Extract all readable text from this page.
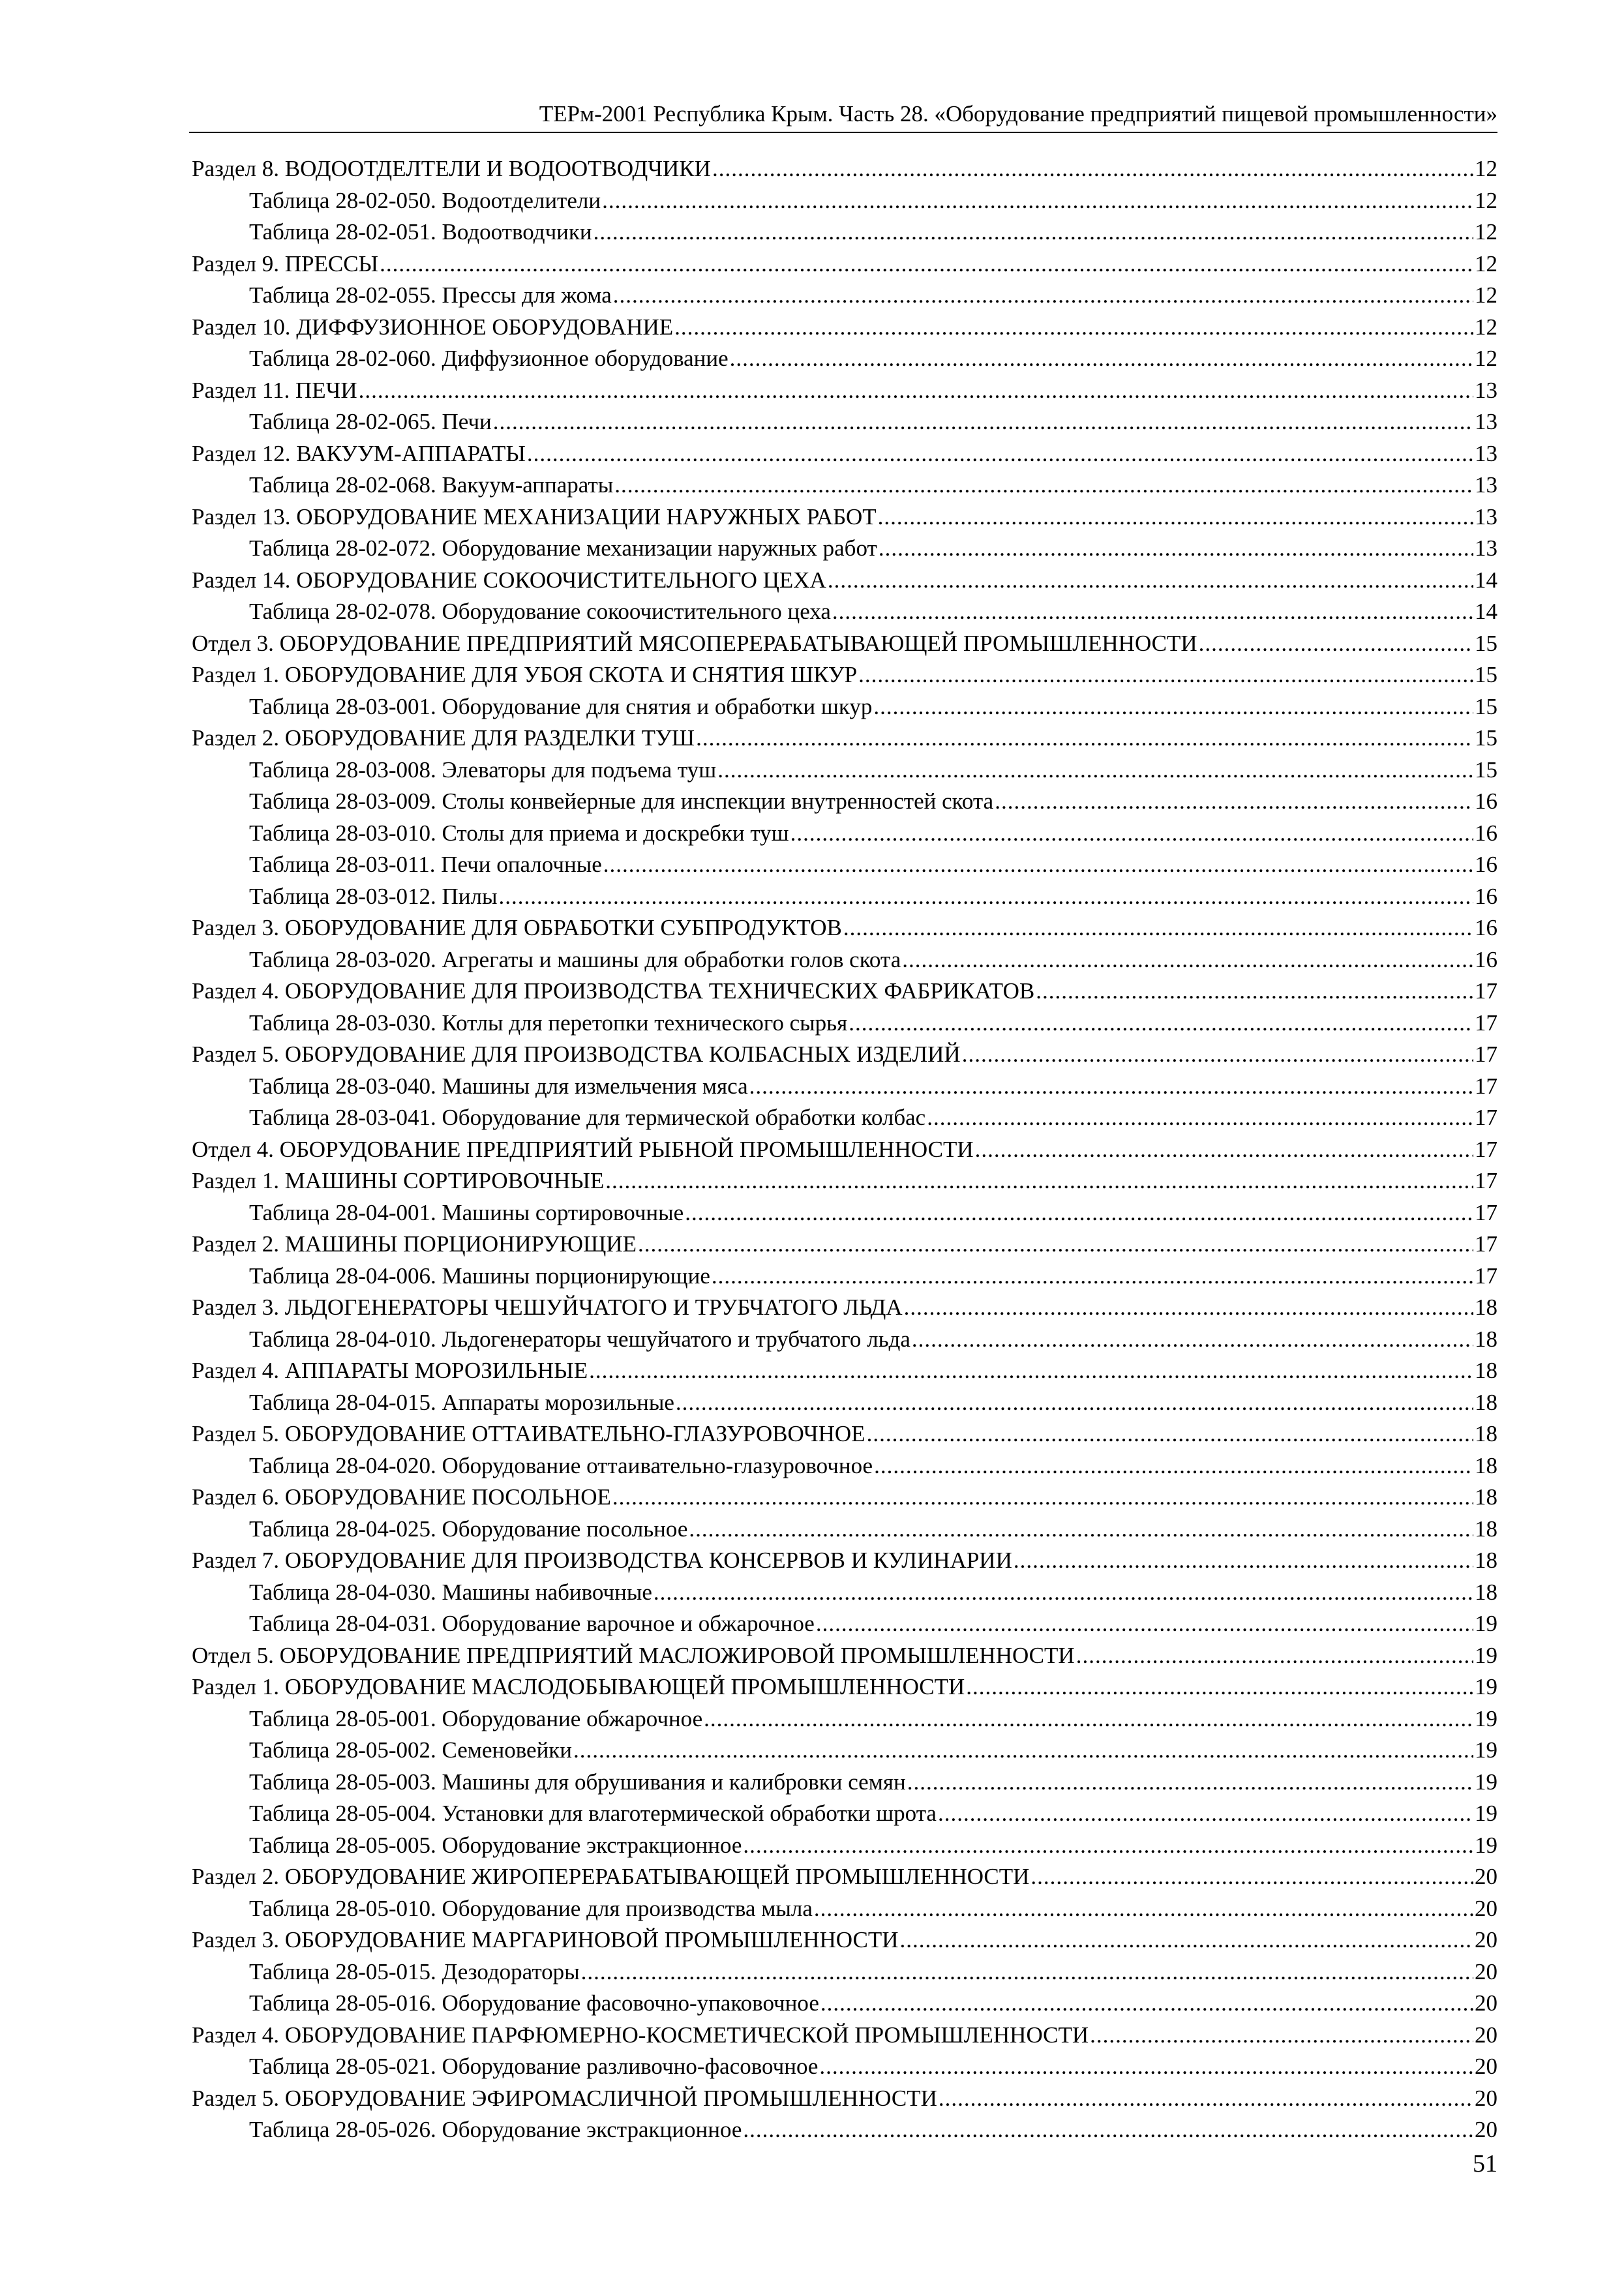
ТЕРм-2001 Республика Крым. Часть 28. «Оборудование предприятий пищевой промышленности»
Раздел 8. ВОДООТДЕЛТЕЛИ И ВОДООТВОДЧИКИ .....	12
Таблица 28-02-050. Водоотделители .....	12
Таблица 28-02-051. Водоотводчики .....	12
Раздел 9. ПРЕССЫ .....	12
Таблица 28-02-055. Прессы для жома .....	12
Раздел 10. ДИФФУЗИОННОЕ ОБОРУДОВАНИЕ .....	12
Таблица 28-02-060. Диффузионное оборудование .....	12
Раздел 11. ПЕЧИ .....	13
Таблица 28-02-065. Печи .....	13
Раздел 12. ВАКУУМ-АППАРАТЫ .....	13
Таблица 28-02-068. Вакуум-аппараты .....	13
Раздел 13. ОБОРУДОВАНИЕ МЕХАНИЗАЦИИ НАРУЖНЫХ РАБОТ .....	13
Таблица 28-02-072. Оборудование механизации наружных работ .....	13
Раздел 14. ОБОРУДОВАНИЕ СОКООЧИСТИТЕЛЬНОГО ЦЕХА .....	14
Таблица 28-02-078. Оборудование сокоочистительного цеха .....	14
Отдел 3. ОБОРУДОВАНИЕ ПРЕДПРИЯТИЙ МЯСОПЕРЕРАБАТЫВАЮЩЕЙ ПРОМЫШЛЕННОСТИ .....	15
Раздел 1. ОБОРУДОВАНИЕ ДЛЯ УБОЯ СКОТА И СНЯТИЯ ШКУР .....	15
Таблица 28-03-001. Оборудование для снятия и обработки шкур .....	15
Раздел 2. ОБОРУДОВАНИЕ ДЛЯ РАЗДЕЛКИ ТУШ .....	15
Таблица 28-03-008. Элеваторы для подъема туш .....	15
Таблица 28-03-009. Столы конвейерные для инспекции внутренностей скота .....	16
Таблица 28-03-010. Столы для приема и доскребки туш .....	16
Таблица 28-03-011. Печи опалочные .....	16
Таблица 28-03-012. Пилы .....	16
Раздел 3. ОБОРУДОВАНИЕ ДЛЯ ОБРАБОТКИ СУБПРОДУКТОВ .....	16
Таблица 28-03-020. Агрегаты и машины для обработки голов скота .....	16
Раздел 4. ОБОРУДОВАНИЕ ДЛЯ ПРОИЗВОДСТВА ТЕХНИЧЕСКИХ ФАБРИКАТОВ .....	17
Таблица 28-03-030. Котлы для перетопки технического сырья .....	17
Раздел 5. ОБОРУДОВАНИЕ ДЛЯ ПРОИЗВОДСТВА КОЛБАСНЫХ ИЗДЕЛИЙ .....	17
Таблица 28-03-040. Машины для измельчения мяса .....	17
Таблица 28-03-041. Оборудование для термической обработки колбас .....	17
Отдел 4. ОБОРУДОВАНИЕ ПРЕДПРИЯТИЙ РЫБНОЙ ПРОМЫШЛЕННОСТИ .....	17
Раздел 1. МАШИНЫ СОРТИРОВОЧНЫЕ .....	17
Таблица 28-04-001. Машины сортировочные .....	17
Раздел 2. МАШИНЫ ПОРЦИОНИРУЮЩИЕ .....	17
Таблица 28-04-006. Машины порционирующие .....	17
Раздел 3. ЛЬДОГЕНЕРАТОРЫ ЧЕШУЙЧАТОГО И ТРУБЧАТОГО ЛЬДА .....	18
Таблица 28-04-010. Льдогенераторы чешуйчатого и трубчатого льда .....	18
Раздел 4. АППАРАТЫ МОРОЗИЛЬНЫЕ .....	18
Таблица 28-04-015. Аппараты морозильные .....	18
Раздел 5. ОБОРУДОВАНИЕ ОТТАИВАТЕЛЬНО-ГЛАЗУРОВОЧНОЕ .....	18
Таблица 28-04-020. Оборудование оттаивательно-глазуровочное .....	18
Раздел 6. ОБОРУДОВАНИЕ ПОСОЛЬНОЕ .....	18
Таблица 28-04-025. Оборудование посольное .....	18
Раздел 7. ОБОРУДОВАНИЕ ДЛЯ ПРОИЗВОДСТВА КОНСЕРВОВ И КУЛИНАРИИ .....	18
Таблица 28-04-030. Машины набивочные .....	18
Таблица 28-04-031. Оборудование варочное и обжарочное .....	19
Отдел 5. ОБОРУДОВАНИЕ ПРЕДПРИЯТИЙ МАСЛОЖИРОВОЙ ПРОМЫШЛЕННОСТИ .....	19
Раздел 1. ОБОРУДОВАНИЕ МАСЛОДОБЫВАЮЩЕЙ ПРОМЫШЛЕННОСТИ .....	19
Таблица 28-05-001. Оборудование обжарочное .....	19
Таблица 28-05-002. Семеновейки .....	19
Таблица 28-05-003. Машины для обрушивания и калибровки семян .....	19
Таблица 28-05-004. Установки для влаготермической обработки шрота .....	19
Таблица 28-05-005. Оборудование экстракционное .....	19
Раздел 2. ОБОРУДОВАНИЕ ЖИРОПЕРЕРАБАТЫВАЮЩЕЙ ПРОМЫШЛЕННОСТИ .....	20
Таблица 28-05-010. Оборудование для производства мыла .....	20
Раздел 3. ОБОРУДОВАНИЕ МАРГАРИНОВОЙ ПРОМЫШЛЕННОСТИ .....	20
Таблица 28-05-015. Дезодораторы .....	20
Таблица 28-05-016. Оборудование фасовочно-упаковочное .....	20
Раздел 4. ОБОРУДОВАНИЕ ПАРФЮМЕРНО-КОСМЕТИЧЕСКОЙ ПРОМЫШЛЕННОСТИ .....	20
Таблица 28-05-021. Оборудование разливочно-фасовочное .....	20
Раздел 5. ОБОРУДОВАНИЕ ЭФИРОМАСЛИЧНОЙ ПРОМЫШЛЕННОСТИ .....	20
Таблица 28-05-026. Оборудование экстракционное .....	20
51
